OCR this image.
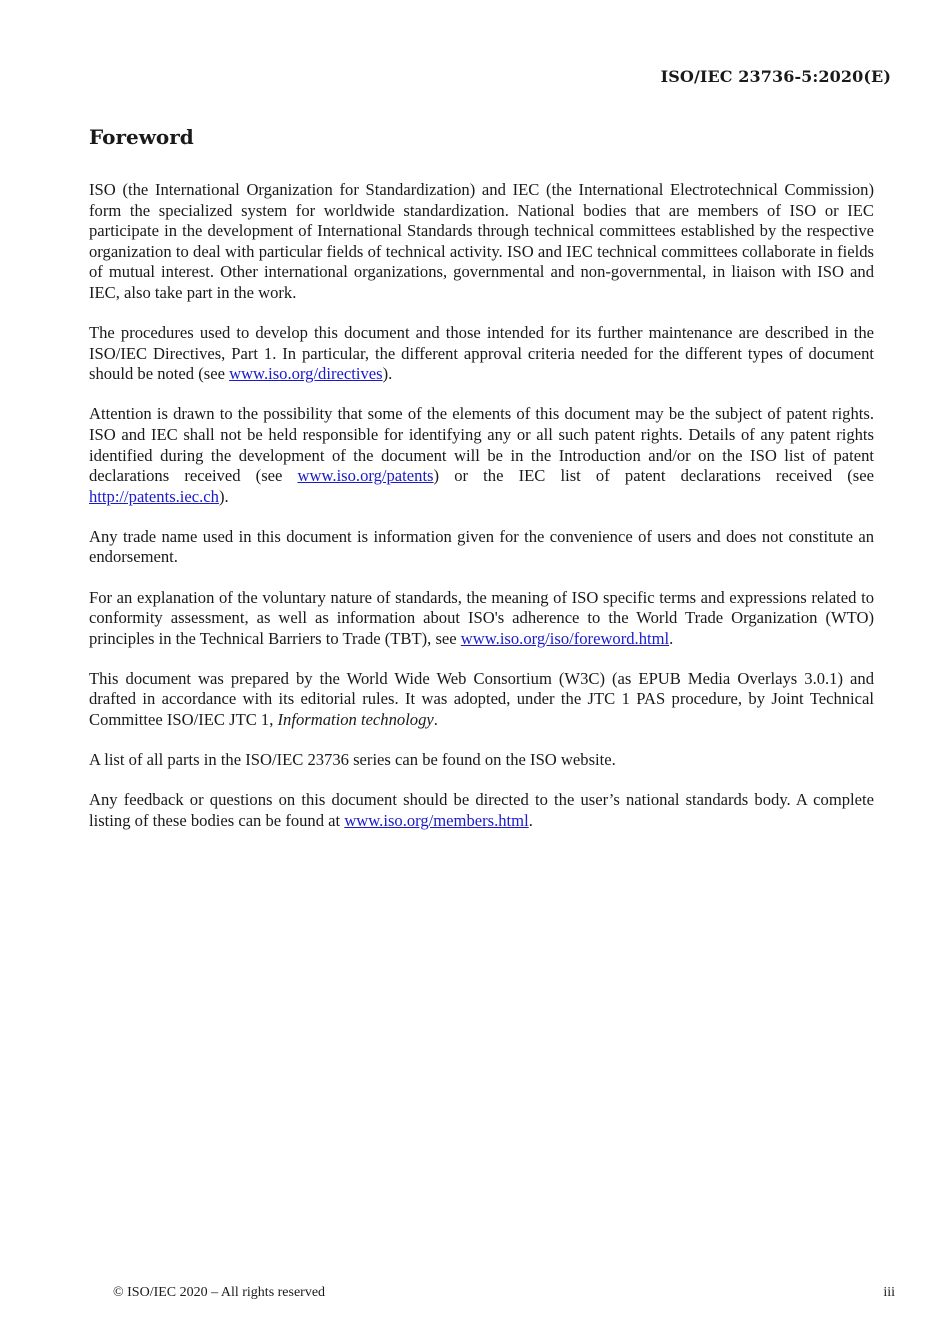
ISO/IEC 23736-5:2020(E)
Foreword

ISO (the International Organization for Standardization) and IEC (the International Electrotechnical Commission) form the specialized system for worldwide standardization. National bodies that are members of ISO or IEC participate in the development of International Standards through technical committees established by the respective organization to deal with particular fields of technical activity. ISO and IEC technical committees collaborate in fields of mutual interest. Other international organizations, governmental and non-governmental, in liaison with ISO and IEC, also take part in the work.

The procedures used to develop this document and those intended for its further maintenance are described in the ISO/IEC Directives, Part 1. In particular, the different approval criteria needed for the different types of document should be noted (see www.iso.org/directives).

Attention is drawn to the possibility that some of the elements of this document may be the subject of patent rights. ISO and IEC shall not be held responsible for identifying any or all such patent rights. Details of any patent rights identified during the development of the document will be in the Introduction and/or on the ISO list of patent declarations received (see www.iso.org/patents) or the IEC list of patent declarations received (see http://patents.iec.ch).

Any trade name used in this document is information given for the convenience of users and does not constitute an endorsement.

For an explanation of the voluntary nature of standards, the meaning of ISO specific terms and expressions related to conformity assessment, as well as information about ISO's adherence to the World Trade Organization (WTO) principles in the Technical Barriers to Trade (TBT), see www.iso.org/iso/foreword.html.

This document was prepared by the World Wide Web Consortium (W3C) (as EPUB Media Overlays 3.0.1) and drafted in accordance with its editorial rules. It was adopted, under the JTC 1 PAS procedure, by Joint Technical Committee ISO/IEC JTC 1, Information technology.

A list of all parts in the ISO/IEC 23736 series can be found on the ISO website.

Any feedback or questions on this document should be directed to the user’s national standards body. A complete listing of these bodies can be found at www.iso.org/members.html.

© ISO/IEC 2020 – All rights reserved	iii
